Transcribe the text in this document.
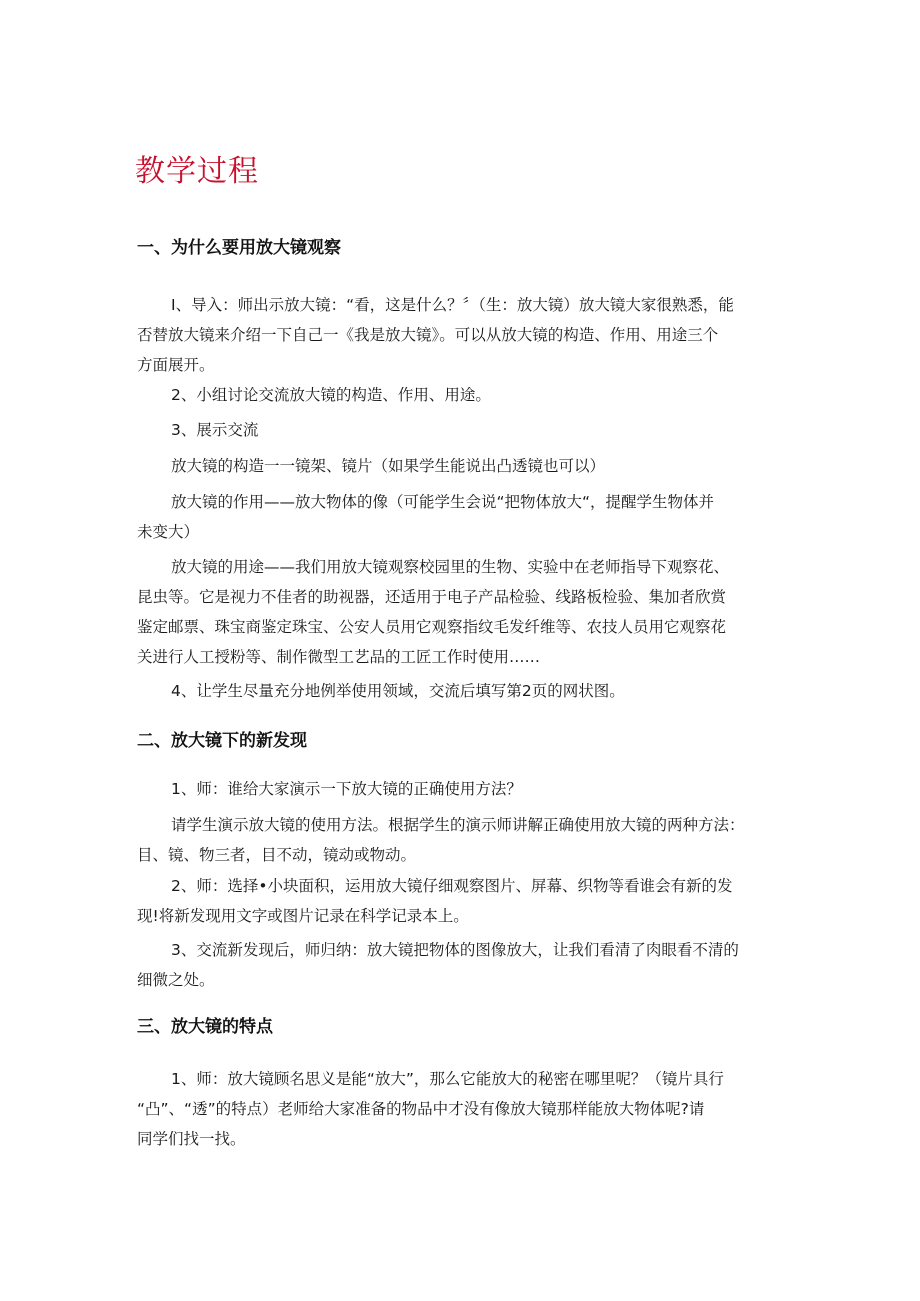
教学过程
一、为什么要用放大镜观察

I、导入：师出示放大镜：“看，这是什么？〞（生：放大镜）放大镜大家很熟悉，能
否替放大镜来介绍一下自己一《我是放大镜》。可以从放大镜的构造、作用、用途三个
方面展开。

2、小组讨论交流放大镜的构造、作用、用途。

3、展示交流

放大镜的构造一一镜架、镜片（如果学生能说出凸透镜也可以）

放大镜的作用——放大物体的像（可能学生会说“把物体放大“，提醒学生物体并
未变大）

放大镜的用途——我们用放大镜观察校园里的生物、实验中在老师指导下观察花、
昆虫等。它是视力不佳者的助视器，还适用于电子产品检验、线路板检验、集加者欣赏
鉴定邮票、珠宝商鉴定珠宝、公安人员用它观察指纹毛发纤维等、农技人员用它观察花
关进行人工授粉等、制作微型工艺品的工匠工作时使用……

4、让学生尽量充分地例举使用领域，交流后填写第2页的网状图。

二、放大镜下的新发现

1、师：谁给大家演示一下放大镜的正确使用方法？

请学生演示放大镜的使用方法。根据学生的演示师讲解正确使用放大镜的两种方法：
目、镜、物三者，目不动，镜动或物动。

2、师：选择•小块面积，运用放大镜仔细观察图片、屏幕、织物等看谁会有新的发
现!将新发现用文字或图片记录在科学记录本上。

3、交流新发现后，师归纳：放大镜把物体的图像放大，让我们看清了肉眼看不清的
细微之处。

三、放大镜的特点

1、师：放大镜顾名思义是能“放大”，那么它能放大的秘密在哪里呢？（镜片具行
“凸”、“透”的特点）老师给大家准备的物品中才没有像放大镜那样能放大物体呢?请
同学们找一找。
